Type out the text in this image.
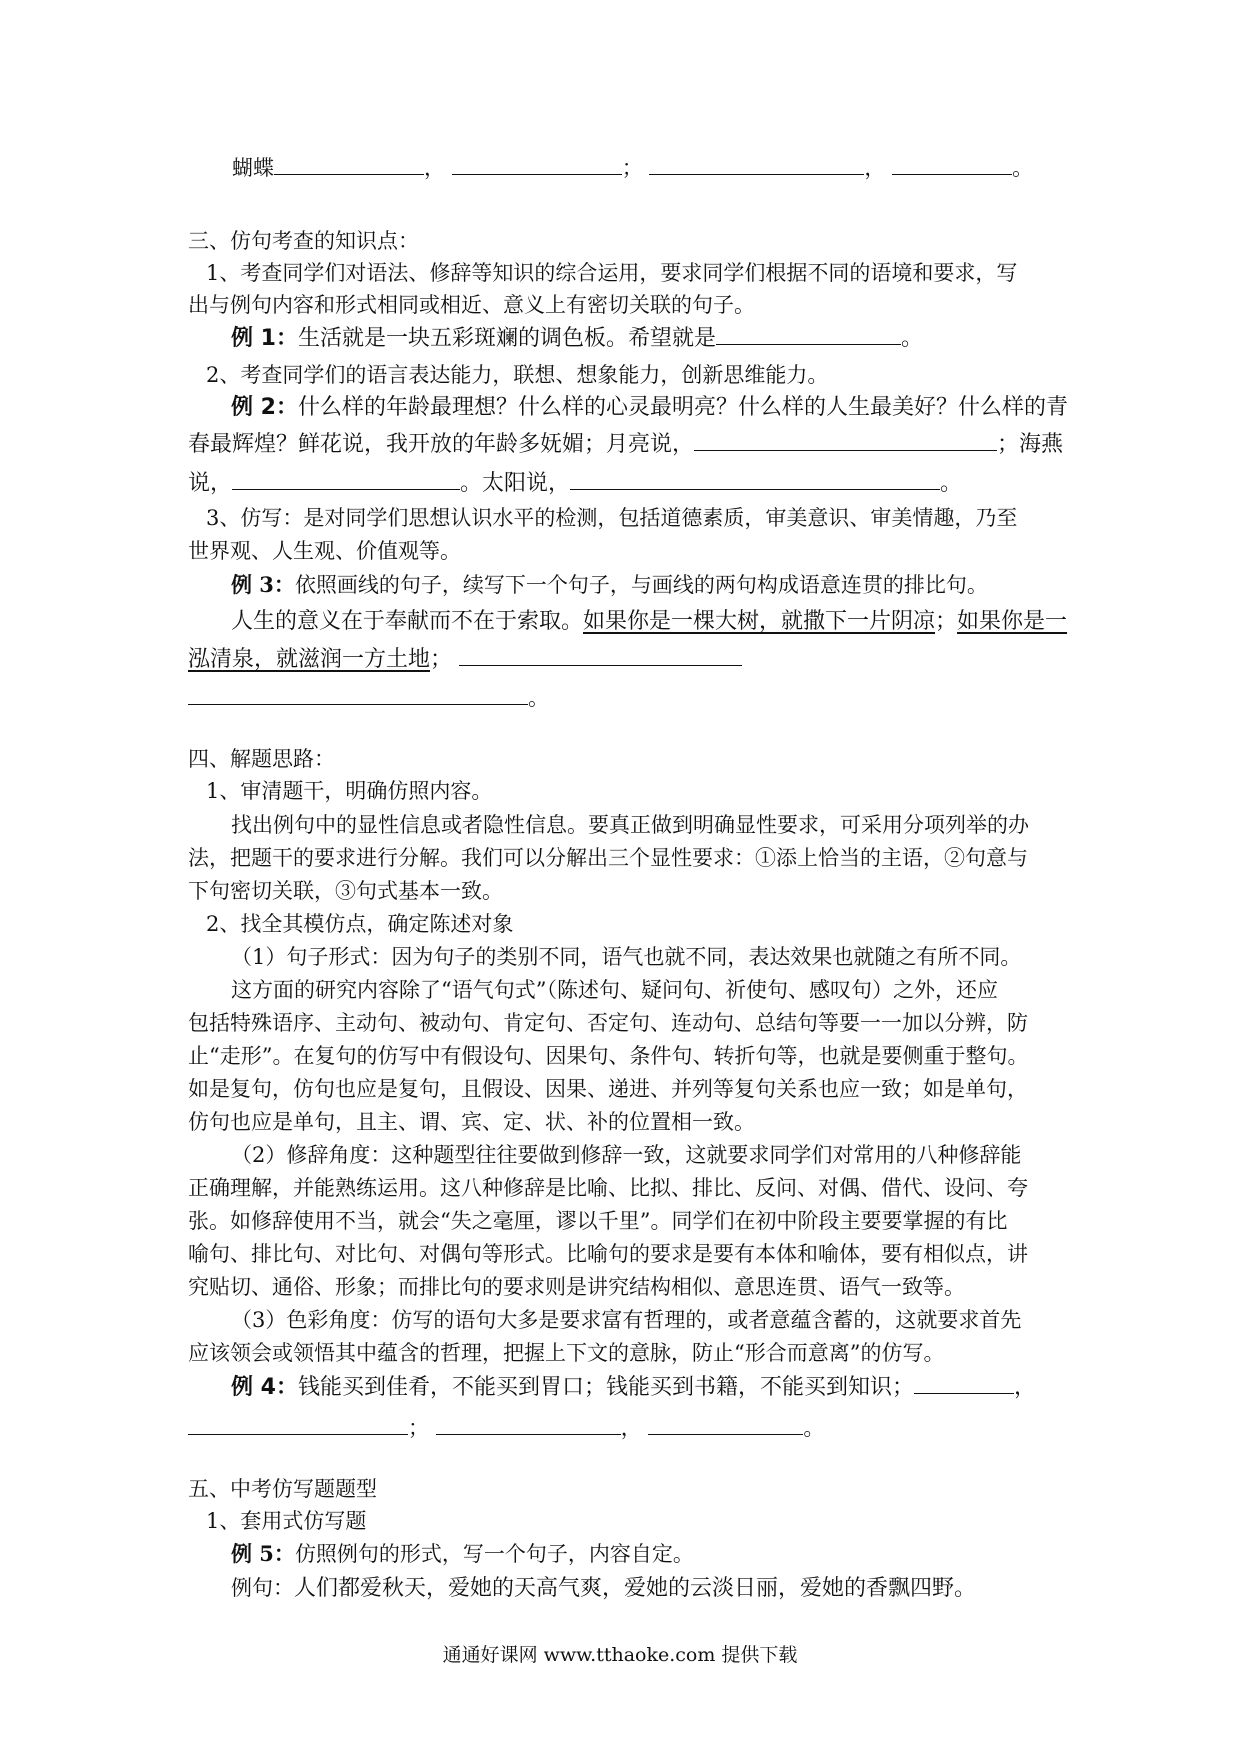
蝴蝶	，	；	，	。
三、仿句考查的知识点：
1、考查同学们对语法、修辞等知识的综合运用，要求同学们根据不同的语境和要求，写
出与例句内容和形式相同或相近、意义上有密切关联的句子。
例 1：生活就是一块五彩斑斓的调色板。希望就是	。
2、考查同学们的语言表达能力，联想、想象能力，创新思维能力。
例 2：什么样的年龄最理想？什么样的心灵最明亮？什么样的人生最美好？什么样的青
春最辉煌？鲜花说，我开放的年龄多妩媚；月亮说，	；海燕
说，	。太阳说，	。
3、仿写：是对同学们思想认识水平的检测，包括道德素质，审美意识、审美情趣，乃至
世界观、人生观、价值观等。
例 3：依照画线的句子，续写下一个句子，与画线的两句构成语意连贯的排比句。
人生的意义在于奉献而不在于索取。如果你是一棵大树，就撒下一片阴凉；如果你是一
泓清泉，就滋润一方土地；
。
四、解题思路：
1、审清题干，明确仿照内容。
找出例句中的显性信息或者隐性信息。要真正做到明确显性要求，可采用分项列举的办
法，把题干的要求进行分解。我们可以分解出三个显性要求：①添上恰当的主语，②句意与
下句密切关联，③句式基本一致。
2、找全其模仿点，确定陈述对象
（1）句子形式：因为句子的类别不同，语气也就不同，表达效果也就随之有所不同。
这方面的研究内容除了“语气句式”（陈述句、疑问句、祈使句、感叹句）之外，还应
包括特殊语序、主动句、被动句、肯定句、否定句、连动句、总结句等要一一加以分辨，防
止“走形”。在复句的仿写中有假设句、因果句、条件句、转折句等，也就是要侧重于整句。
如是复句，仿句也应是复句，且假设、因果、递进、并列等复句关系也应一致；如是单句，
仿句也应是单句，且主、谓、宾、定、状、补的位置相一致。
（2）修辞角度：这种题型往往要做到修辞一致，这就要求同学们对常用的八种修辞能
正确理解，并能熟练运用。这八种修辞是比喻、比拟、排比、反问、对偶、借代、设问、夸
张。如修辞使用不当，就会“失之毫厘，谬以千里”。同学们在初中阶段主要要掌握的有比
喻句、排比句、对比句、对偶句等形式。比喻句的要求是要有本体和喻体，要有相似点，讲
究贴切、通俗、形象；而排比句的要求则是讲究结构相似、意思连贯、语气一致等。
（3）色彩角度：仿写的语句大多是要求富有哲理的，或者意蕴含蓄的，这就要求首先
应该领会或领悟其中蕴含的哲理，把握上下文的意脉，防止“形合而意离”的仿写。
例 4：钱能买到佳肴，不能买到胃口；钱能买到书籍，不能买到知识；	，
；	，	。
五、中考仿写题题型
1、套用式仿写题
例 5：仿照例句的形式，写一个句子，内容自定。
例句：人们都爱秋天，爱她的天高气爽，爱她的云淡日丽，爱她的香飘四野。
通通好课网 www.tthaoke.com 提供下载
